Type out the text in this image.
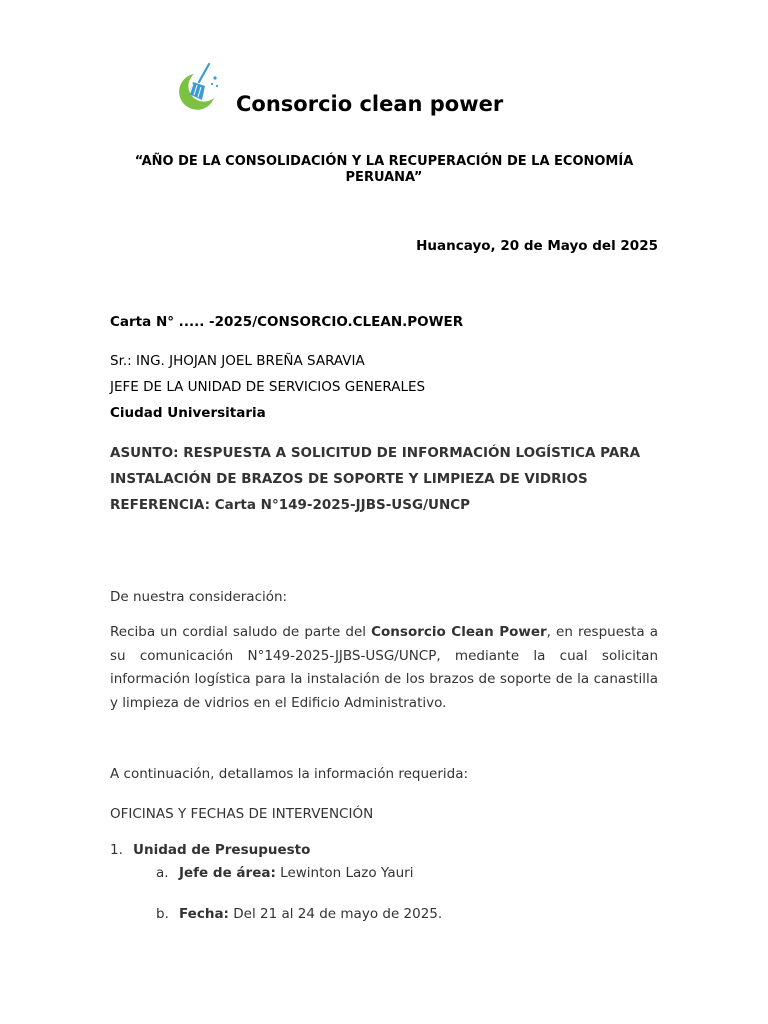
Consorcio clean power
“AÑO DE LA CONSOLIDACIÓN Y LA RECUPERACIÓN DE LA ECONOMÍA PERUANA”
Huancayo, 20 de Mayo del 2025
Carta N° ..... -2025/CONSORCIO.CLEAN.POWER
Sr.: ING. JHOJAN JOEL BREÑA SARAVIA
JEFE DE LA UNIDAD DE SERVICIOS GENERALES
Ciudad Universitaria
ASUNTO: RESPUESTA A SOLICITUD DE INFORMACIÓN LOGÍSTICA PARA INSTALACIÓN DE BRAZOS DE SOPORTE Y LIMPIEZA DE VIDRIOS
REFERENCIA: Carta N°149-2025-JJBS-USG/UNCP
De nuestra consideración:
Reciba un cordial saludo de parte del Consorcio Clean Power, en respuesta a su comunicación N°149-2025-JJBS-USG/UNCP, mediante la cual solicitan información logística para la instalación de los brazos de soporte de la canastilla y limpieza de vidrios en el Edificio Administrativo.
A continuación, detallamos la información requerida:
OFICINAS Y FECHAS DE INTERVENCIÓN
1. Unidad de Presupuesto
a. Jefe de área: Lewinton Lazo Yauri
b. Fecha: Del 21 al 24 de mayo de 2025.
